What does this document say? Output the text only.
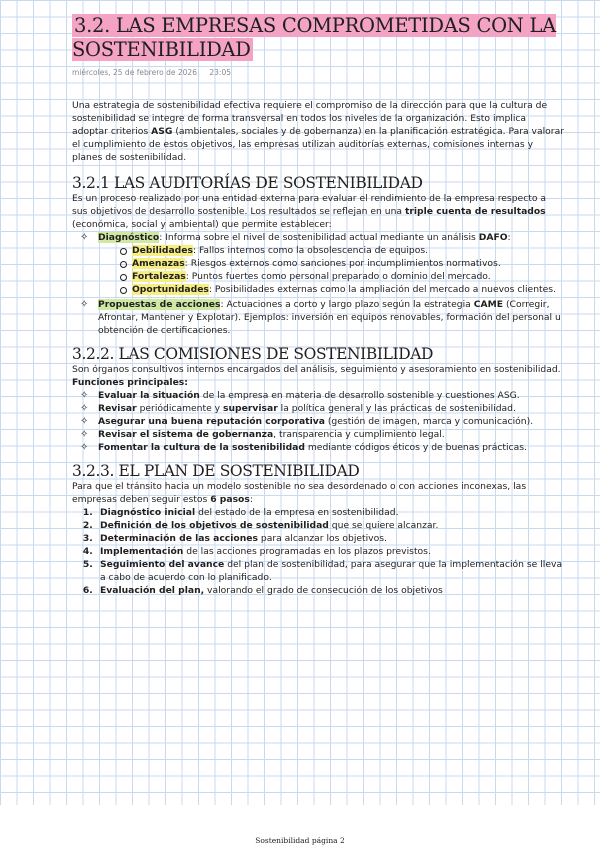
3.2. LAS EMPRESAS COMPROMETIDAS CON LA SOSTENIBILIDAD
miércoles, 25 de febrero de 2026 23:05

Una estrategia de sostenibilidad efectiva requiere el compromiso de la dirección para que la cultura de sostenibilidad se integre de forma transversal en todos los niveles de la organización. Esto implica adoptar criterios ASG (ambientales, sociales y de gobernanza) en la planificación estratégica. Para valorar el cumplimiento de estos objetivos, las empresas utilizan auditorías externas, comisiones internas y planes de sostenibilidad.

3.2.1 LAS AUDITORÍAS DE SOSTENIBILIDAD

Es un proceso realizado por una entidad externa para evaluar el rendimiento de la empresa respecto a sus objetivos de desarrollo sostenible. Los resultados se reflejan en una triple cuenta de resultados (económica, social y ambiental) que permite establecer:

✧ Diagnóstico: Informa sobre el nivel de sostenibilidad actual mediante un análisis DAFO:
Debilidades: Fallos internos como la obsolescencia de equipos.
Amenazas: Riesgos externos como sanciones por incumplimientos normativos.
Fortalezas: Puntos fuertes como personal preparado o dominio del mercado.
Oportunidades: Posibilidades externas como la ampliación del mercado a nuevos clientes.
✧ Propuestas de acciones: Actuaciones a corto y largo plazo según la estrategia CAME (Corregir, Afrontar, Mantener y Explotar). Ejemplos: inversión en equipos renovables, formación del personal u obtención de certificaciones.
3.2.2. LAS COMISIONES DE SOSTENIBILIDAD

Son órganos consultivos internos encargados del análisis, seguimiento y asesoramiento en sostenibilidad.

Funciones principales:

✧ Evaluar la situación de la empresa en materia de desarrollo sostenible y cuestiones ASG.
✧ Revisar periódicamente y supervisar la política general y las prácticas de sostenibilidad.
✧ Asegurar una buena reputación corporativa (gestión de imagen, marca y comunicación).
✧ Revisar el sistema de gobernanza, transparencia y cumplimiento legal.
✧ Fomentar la cultura de la sostenibilidad mediante códigos éticos y de buenas prácticas.
3.2.3. EL PLAN DE SOSTENIBILIDAD

Para que el tránsito hacia un modelo sostenible no sea desordenado o con acciones inconexas, las empresas deben seguir estos 6 pasos:

1. Diagnóstico inicial del estado de la empresa en sostenibilidad.
2. Definición de los objetivos de sostenibilidad que se quiere alcanzar.
3. Determinación de las acciones para alcanzar los objetivos.
4. Implementación de las acciones programadas en los plazos previstos.
5. Seguimiento del avance del plan de sostenibilidad, para asegurar que la implementación se lleva a cabo de acuerdo con lo planificado.
6. Evaluación del plan, valorando el grado de consecución de los objetivos
Sostenibilidad página 2
